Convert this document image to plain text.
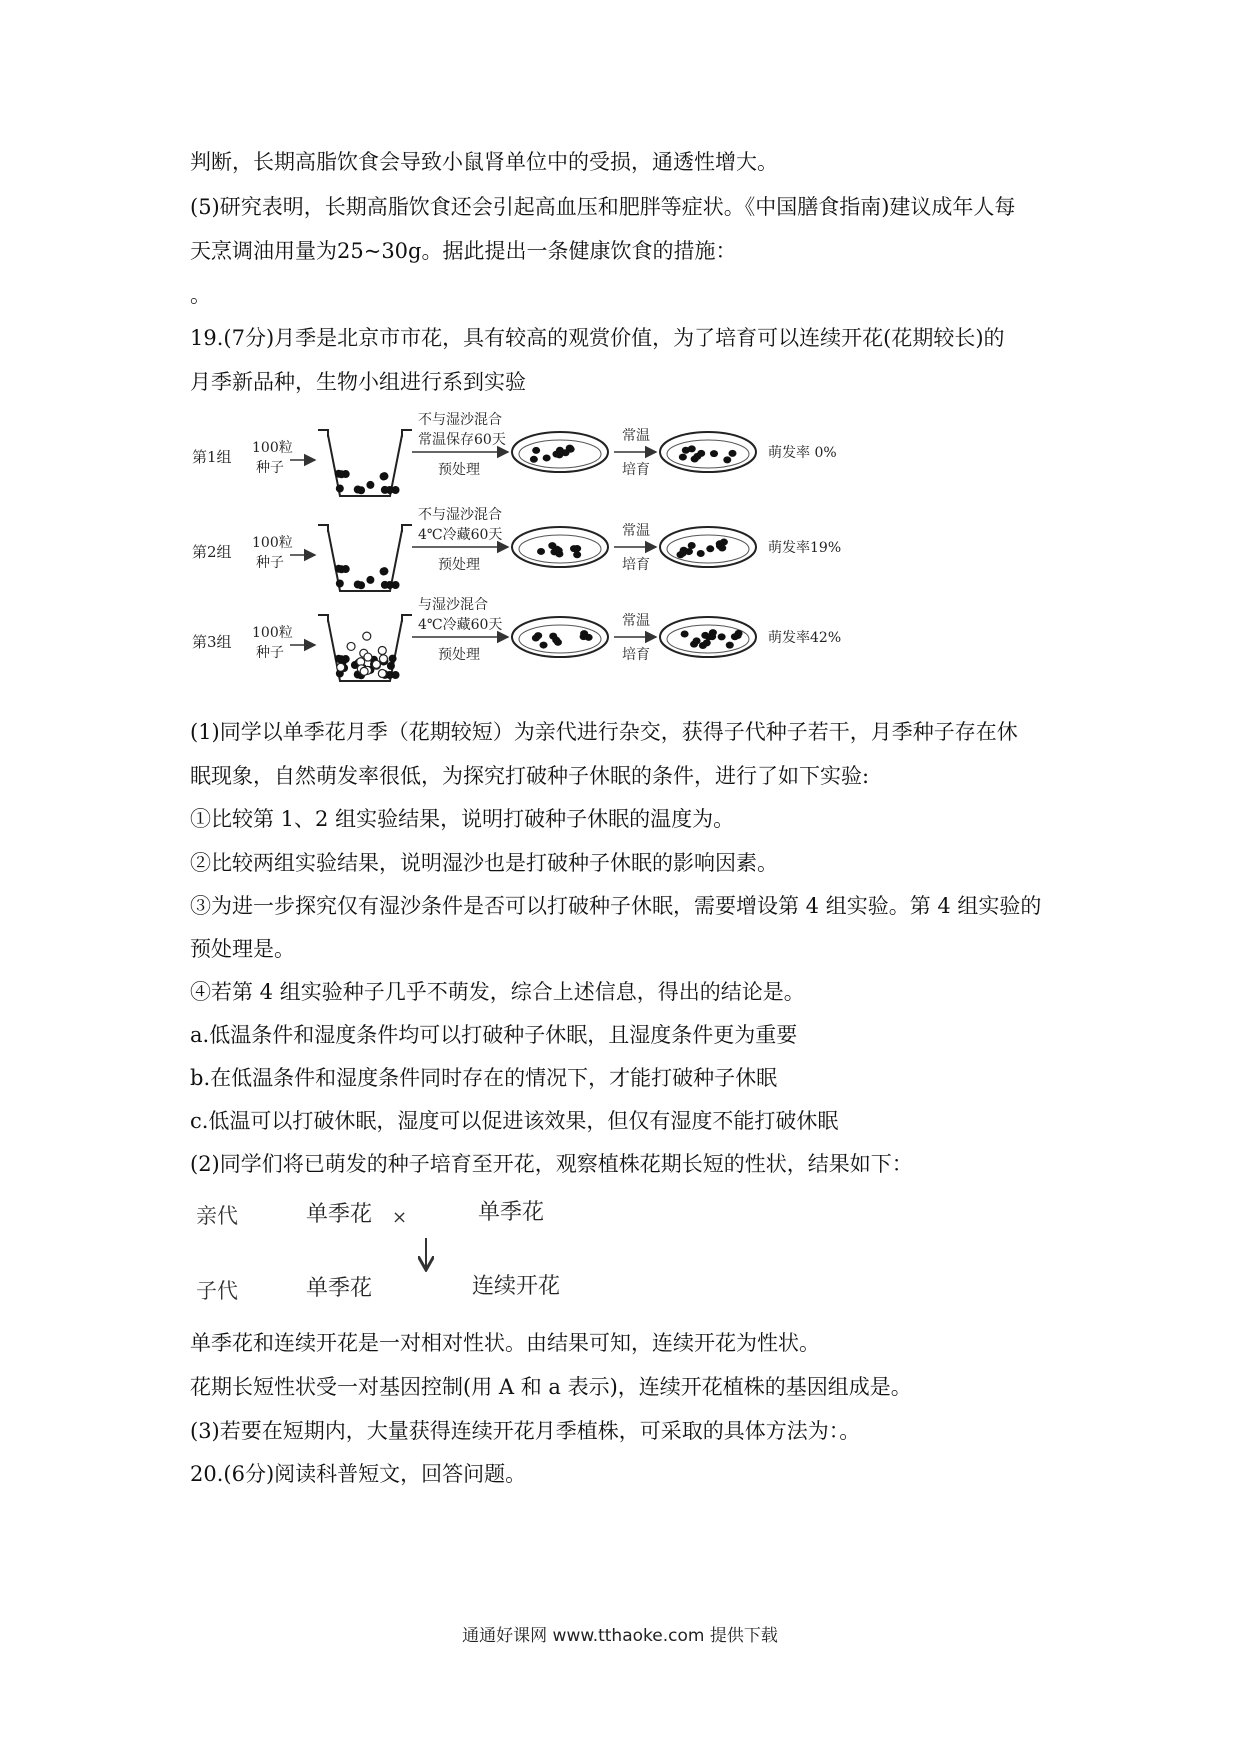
判断，长期高脂饮食会导致小鼠肾单位中的受损，通透性增大。
(5)研究表明，长期高脂饮食还会引起高血压和肥胖等症状。《中国膳食指南)建议成年人每
天烹调油用量为25~30g。据此提出一条健康饮食的措施：
。
19.(7分)月季是北京市市花，具有较高的观赏价值，为了培育可以连续开花(花期较长)的
月季新品种，生物小组进行系到实验
第1组 100粒
种子
不与湿沙混合
常温保存60天
预处理
常温
培育
萌发率 0%
第2组 100粒
种子
不与湿沙混合
4℃冷藏60天
预处理
常温
培育
萌发率19%
第3组 100粒
种子
与湿沙混合
4℃冷藏60天
预处理
常温
培育
萌发率42%
(1)同学以单季花月季（花期较短）为亲代进行杂交，获得子代种子若干，月季种子存在休
眠现象，自然萌发率很低，为探究打破种子休眠的条件，进行了如下实验:
①比较第 1、2 组实验结果，说明打破种子休眠的温度为。
②比较两组实验结果，说明湿沙也是打破种子休眠的影响因素。
③为进一步探究仅有湿沙条件是否可以打破种子休眠，需要增设第 4 组实验。第 4 组实验的
预处理是。
④若第 4 组实验种子几乎不萌发，综合上述信息，得出的结论是。
a.低温条件和湿度条件均可以打破种子休眠，且湿度条件更为重要
b.在低温条件和湿度条件同时存在的情况下，才能打破种子休眠
c.低温可以打破休眠，湿度可以促进该效果，但仅有湿度不能打破休眠
(2)同学们将已萌发的种子培育至开花，观察植株花期长短的性状，结果如下：
亲代	单季花 ×	单季花
子代	单季花	连续开花
单季花和连续开花是一对相对性状。由结果可知，连续开花为性状。
花期长短性状受一对基因控制(用 A 和 a 表示)，连续开花植株的基因组成是。
(3)若要在短期内，大量获得连续开花月季植株，可采取的具体方法为：。
20.(6分)阅读科普短文，回答问题。
通通好课网 www.tthaoke.com 提供下载
